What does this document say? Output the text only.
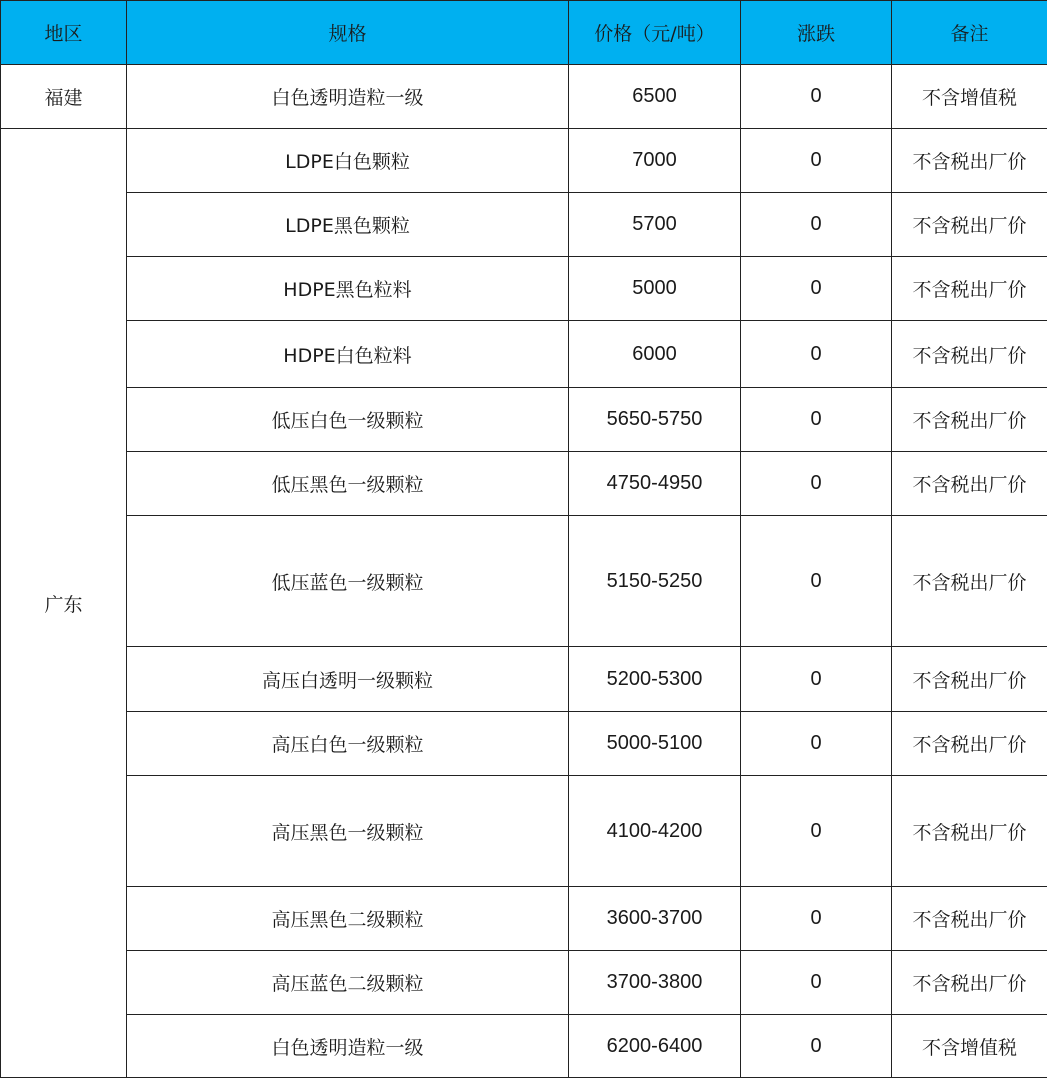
地区	规格	价格（元/吨）	涨跌	备注
福建	白色透明造粒一级	6500	0	不含增值税
广东	LDPE白色颗粒	7000	0	不含税出厂价
	LDPE黑色颗粒	5700	0	不含税出厂价
	HDPE黑色粒料	5000	0	不含税出厂价
	HDPE白色粒料	6000	0	不含税出厂价
	低压白色一级颗粒	5650-5750	0	不含税出厂价
	低压黑色一级颗粒	4750-4950	0	不含税出厂价
	低压蓝色一级颗粒	5150-5250	0	不含税出厂价
	高压白透明一级颗粒	5200-5300	0	不含税出厂价
	高压白色一级颗粒	5000-5100	0	不含税出厂价
	高压黑色一级颗粒	4100-4200	0	不含税出厂价
	高压黑色二级颗粒	3600-3700	0	不含税出厂价
	高压蓝色二级颗粒	3700-3800	0	不含税出厂价
	白色透明造粒一级	6200-6400	0	不含增值税
